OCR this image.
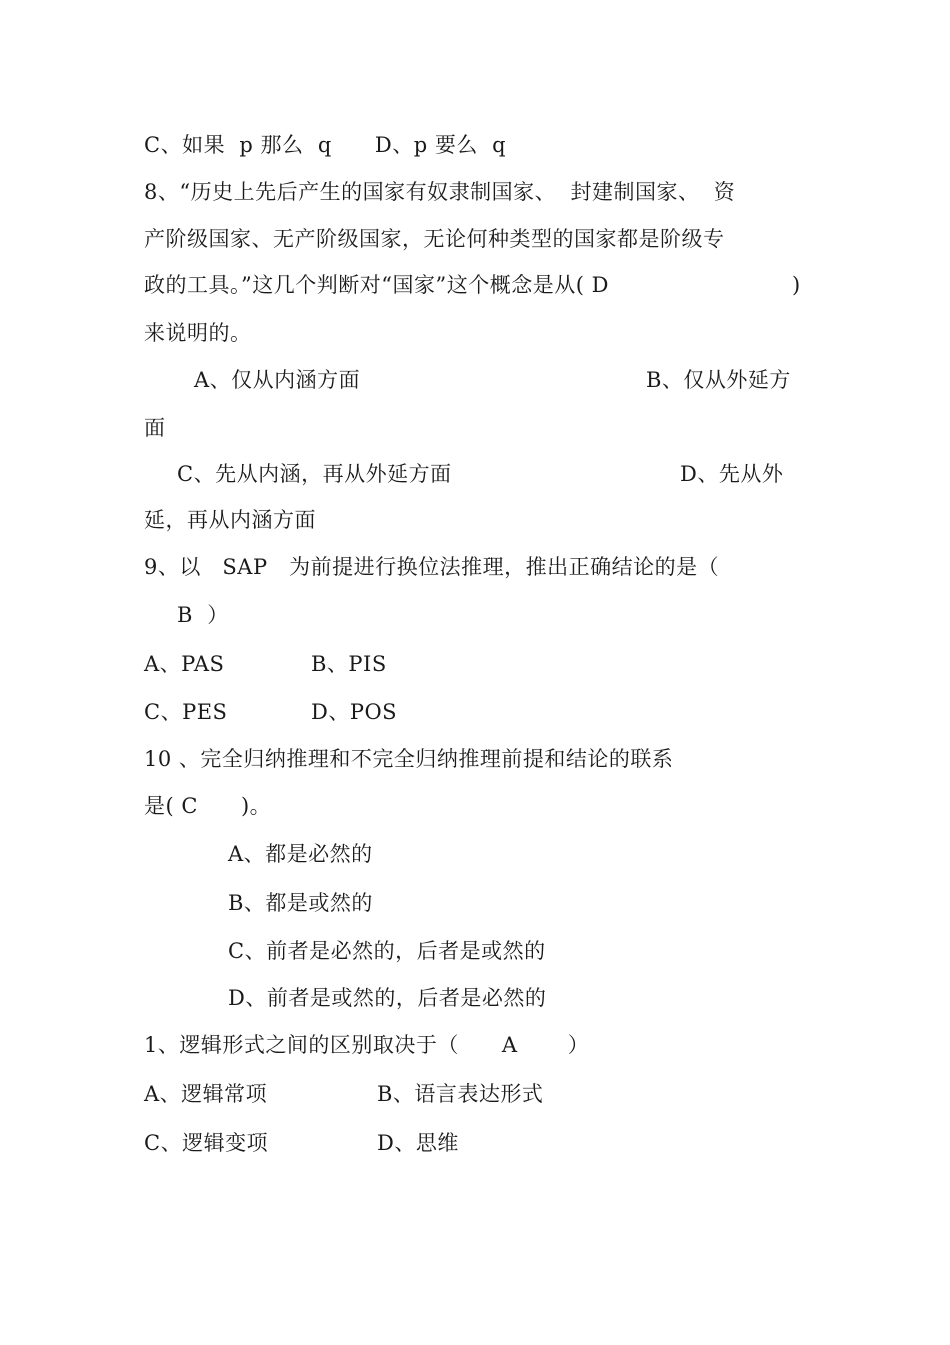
C、如果  p 那么  q      D、p 要么  q
8、“历史上先后产生的国家有奴隶制国家、  封建制国家、  资
产阶级国家、无产阶级国家，无论何种类型的国家都是阶级专
政的工具。”这几个判断对“国家”这个概念是从( D	)
来说明的。
A、仅从内涵方面	B、仅从外延方
面
C、先从内涵，再从外延方面	D、先从外
延，再从内涵方面
9、以   SAP   为前提进行换位法推理，推出正确结论的是（
B  ）
A、PAS	B、PIS
C、PES	D、POS
10 、完全归纳推理和不完全归纳推理前提和结论的联系
是( C      )。
A、都是必然的
B、都是或然的
C、前者是必然的，后者是或然的
D、前者是或然的，后者是必然的
1、逻辑形式之间的区别取决于（      A       ）
A、逻辑常项	B、语言表达形式
C、逻辑变项	D、思维
